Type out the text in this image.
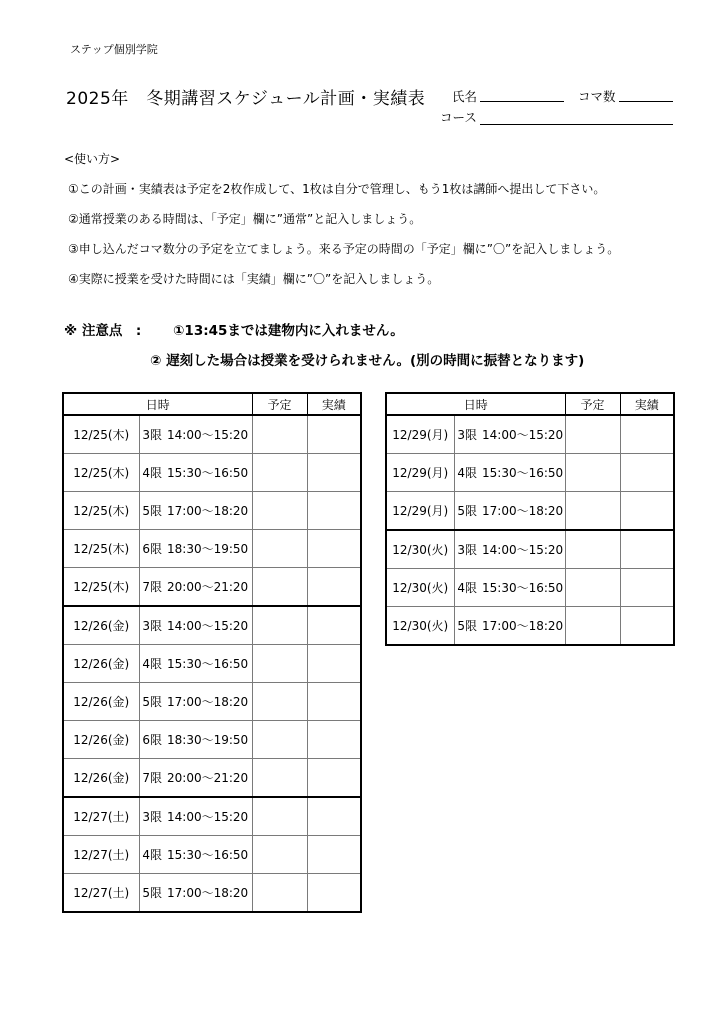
ステップ個別学院
2025年　冬期講習スケジュール計画・実績表 氏名	コマ数
コース
<使い方>
①この計画・実績表は予定を2枚作成して、1枚は自分で管理し、もう1枚は講師へ提出して下さい。
②通常授業のある時間は、「予定」欄に”通常”と記入しましょう。
③申し込んだコマ数分の予定を立てましょう。来る予定の時間の「予定」欄に”〇”を記入しましょう。
④実際に授業を受けた時間には「実績」欄に”〇”を記入しましょう。
※ 注意点　: ①13:45までは建物内に入れません。
② 遅刻した場合は授業を受けられません。(別の時間に振替となります)
日時			予定	実績
12/25(木)	3限	14:00～15:20		
12/25(木)	4限	15:30～16:50		
12/25(木)	5限	17:00～18:20		
12/25(木)	6限	18:30～19:50		
12/25(木)	7限	20:00～21:20		
12/26(金)	3限	14:00～15:20		
12/26(金)	4限	15:30～16:50		
12/26(金)	5限	17:00～18:20		
12/26(金)	6限	18:30～19:50		
12/26(金)	7限	20:00～21:20		
12/27(土)	3限	14:00～15:20		
12/27(土)	4限	15:30～16:50		
12/27(土)	5限	17:00～18:20		
日時			予定	実績
12/29(月)	3限	14:00～15:20		
12/29(月)	4限	15:30～16:50		
12/29(月)	5限	17:00～18:20		
12/30(火)	3限	14:00～15:20		
12/30(火)	4限	15:30～16:50		
12/30(火)	5限	17:00～18:20		
